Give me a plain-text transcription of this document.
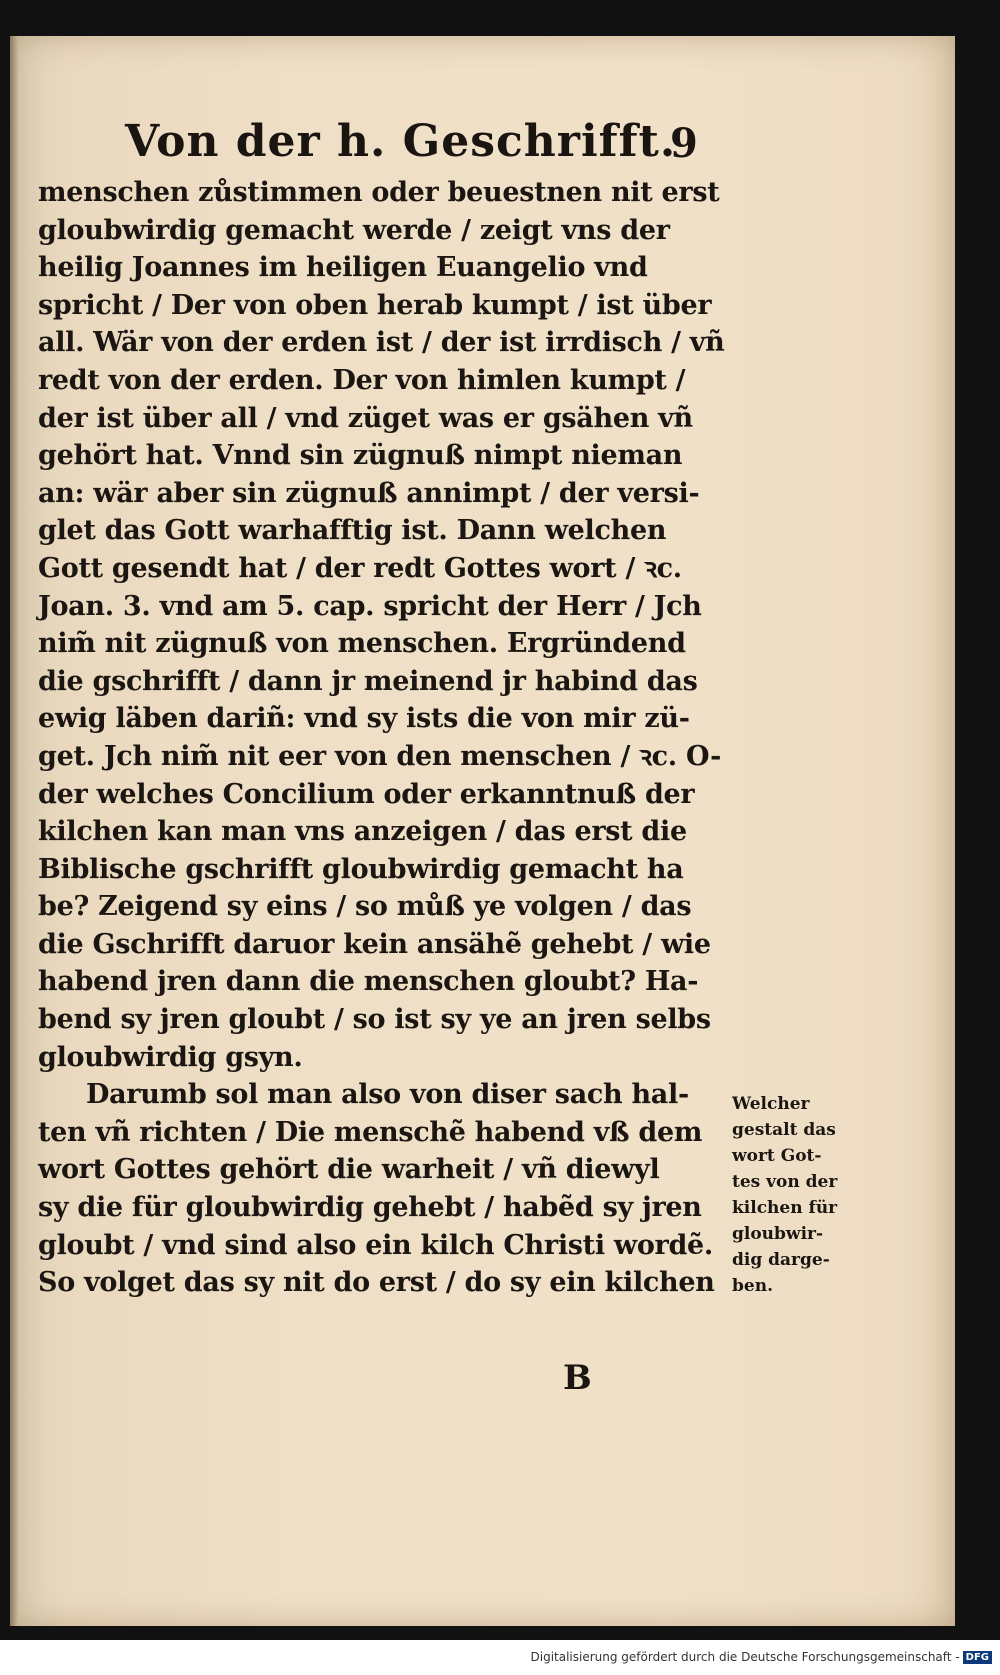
Von der h. Geschrifft.
9
menschen zůstimmen oder beuestnen nit erst
gloubwirdig gemacht werde / zeigt vns der
heilig Joannes im heiligen Euangelio vnd
spricht / Der von oben herab kumpt / ist über
all. Wär von der erden ist / der ist irrdisch / vñ
redt von der erden. Der von himlen kumpt /
der ist über all / vnd züget was er gsähen vñ
gehört hat. Vnnd sin zügnuß nimpt nieman
an: wär aber sin zügnuß annimpt / der versi-
glet das Gott warhafftig ist. Dann welchen
Gott gesendt hat / der redt Gottes wort / ꝛc.
Joan. 3. vnd am 5. cap. spricht der Herr / Jch
nim̃ nit zügnuß von menschen. Ergründend
die gschrifft / dann jr meinend jr habind das
ewig läben dariñ: vnd sy ists die von mir zü-
get. Jch nim̃ nit eer von den menschen / ꝛc. O-
der welches Concilium oder erkanntnuß der
kilchen kan man vns anzeigen / das erst die
Biblische gschrifft gloubwirdig gemacht ha
be? Zeigend sy eins / so můß ye volgen / das
die Gschrifft daruor kein ansähẽ gehebt / wie
habend jren dann die menschen gloubt? Ha-
bend sy jren gloubt / so ist sy ye an jren selbs
gloubwirdig gsyn.
Darumb sol man also von diser sach hal-
ten vñ richten / Die menschẽ habend vß dem
wort Gottes gehört die warheit / vñ diewyl
sy die für gloubwirdig gehebt / habẽd sy jren
gloubt / vnd sind also ein kilch Christi wordẽ.
So volget das sy nit do erst / do sy ein kilchen
Welcher
gestalt das
wort Got-
tes von der
kilchen für
gloubwir-
dig darge-
ben.
B
Digitalisierung gefördert durch die Deutsche Forschungsgemeinschaft - DFG
